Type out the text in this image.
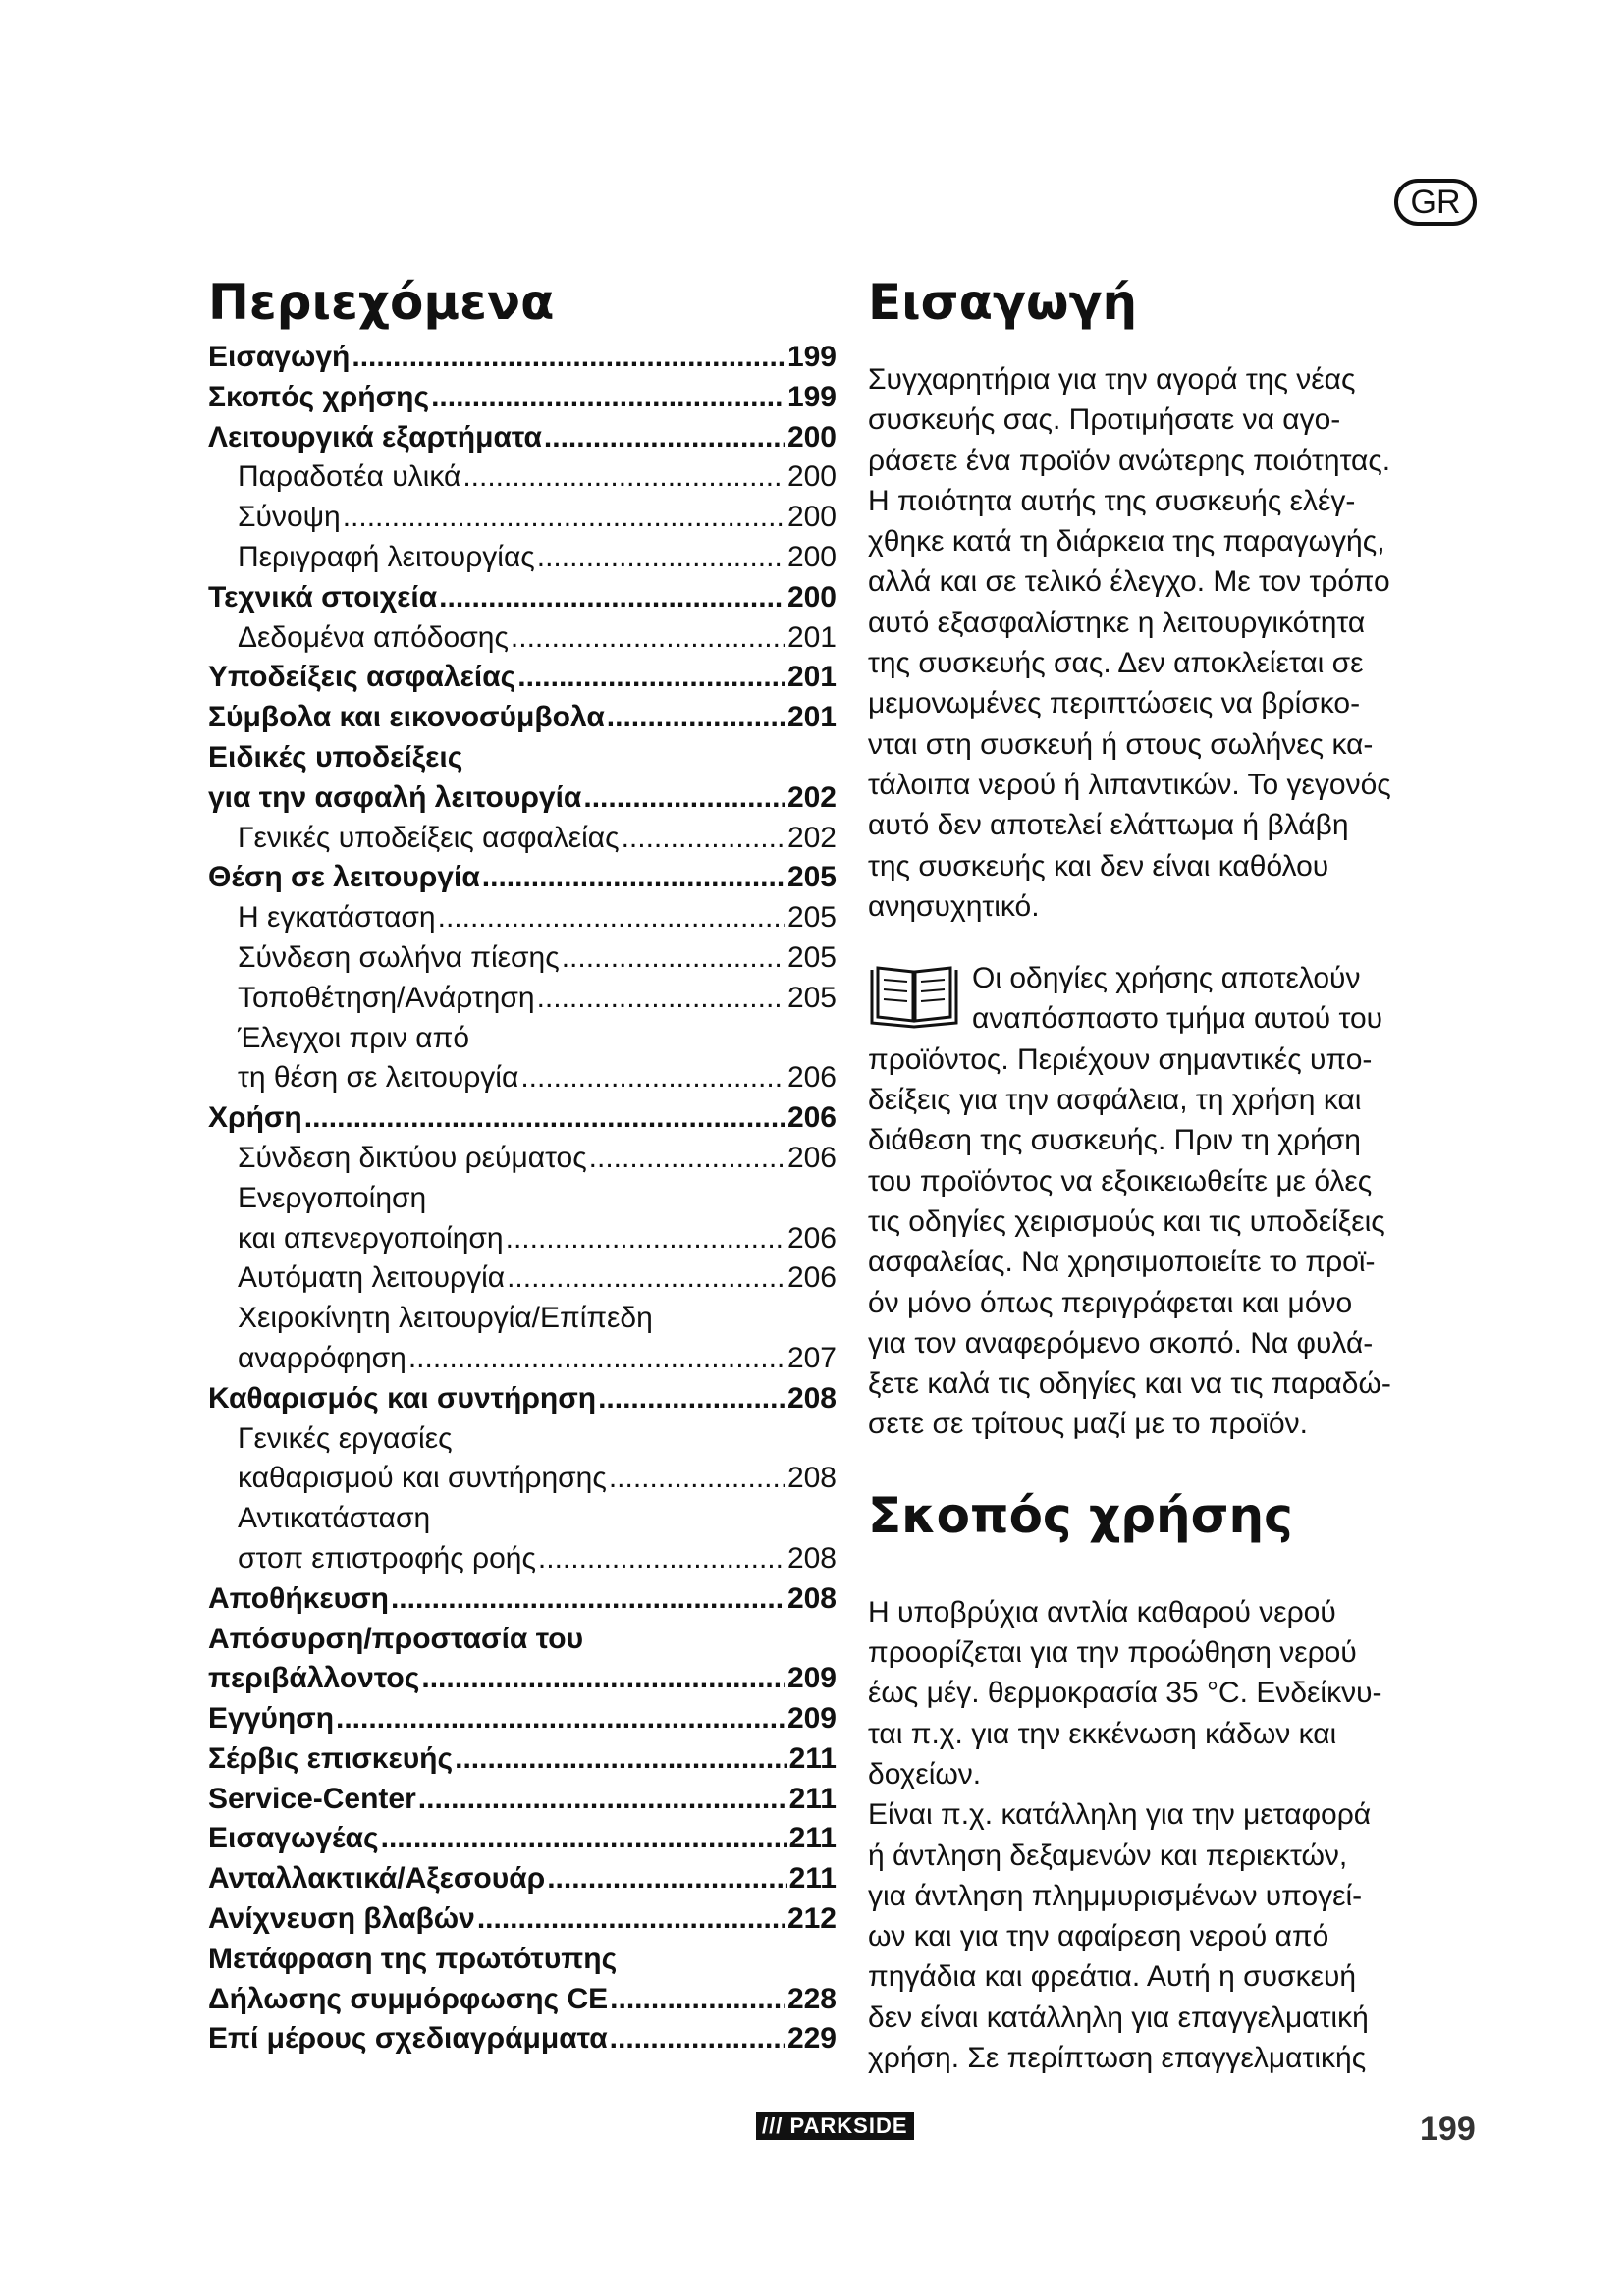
GR
Περιεχόμενα
Εισαγωγή .....	199
Σκοπός χρήσης .....	199
Λειτουργικά εξαρτήματα .....	200
Παραδοτέα υλικά .....	200
Σύνοψη .....	200
Περιγραφή λειτουργίας .....	200
Τεχνικά στοιχεία .....	200
Δεδομένα απόδοσης .....	201
Υποδείξεις ασφαλείας .....	201
Σύμβολα και εικονοσύμβολα .....	201
Ειδικές υποδείξεις
για την ασφαλή λειτουργία .....	202
Γενικές υποδείξεις ασφαλείας .....	202
Θέση σε λειτουργία .....	205
Η εγκατάσταση .....	205
Σύνδεση σωλήνα πίεσης .....	205
Τοποθέτηση/Ανάρτηση .....	205
Έλεγχοι πριν από
τη θέση σε λειτουργία .....	206
Χρήση .....	206
Σύνδεση δικτύου ρεύματος .....	206
Ενεργοποίηση
και απενεργοποίηση .....	206
Αυτόματη λειτουργία .....	206
Χειροκίνητη λειτουργία/Επίπεδη
αναρρόφηση .....	207
Καθαρισμός και συντήρηση .....	208
Γενικές εργασίες
καθαρισμού και συντήρησης .....	208
Αντικατάσταση
στοπ επιστροφής ροής .....	208
Αποθήκευση .....	208
Απόσυρση/προστασία του
περιβάλλοντος .....	209
Εγγύηση .....	209
Σέρβις επισκευής .....	211
Service-Center .....	211
Εισαγωγέας .....	211
Ανταλλακτικά/Αξεσουάρ .....	211
Ανίχνευση βλαβών .....	212
Μετάφραση της πρωτότυπης
Δήλωσης συμμόρφωσης CE .....	228
Επί μέρους σχεδιαγράμματα .....	229
Εισαγωγή

Συγχαρητήρια για την αγορά της νέας

συσκευής σας. Προτιμήσατε να αγο-

ράσετε ένα προϊόν ανώτερης ποιότητας.

Η ποιότητα αυτής της συσκευής ελέγ-

χθηκε κατά τη διάρκεια της παραγωγής,

αλλά και σε τελικό έλεγχο. Με τον τρόπο

αυτό εξασφαλίστηκε η λειτουργικότητα

της συσκευής σας. Δεν αποκλείεται σε

μεμονωμένες περιπτώσεις να βρίσκο-

νται στη συσκευή ή στους σωλήνες κα-

τάλοιπα νερού ή λιπαντικών. Το γεγονός

αυτό δεν αποτελεί ελάττωμα ή βλάβη

της συσκευής και δεν είναι καθόλου

ανησυχητικό.

Οι οδηγίες χρήσης αποτελούν

αναπόσπαστο τμήμα αυτού του

προϊόντος. Περιέχουν σημαντικές υπο-

δείξεις για την ασφάλεια, τη χρήση και

διάθεση της συσκευής. Πριν τη χρήση

του προϊόντος να εξοικειωθείτε με όλες

τις οδηγίες χειρισμούς και τις υποδείξεις

ασφαλείας. Να χρησιμοποιείτε το προϊ-

όν μόνο όπως περιγράφεται και μόνο

για τον αναφερόμενο σκοπό. Να φυλά-

ξετε καλά τις οδηγίες και να τις παραδώ-

σετε σε τρίτους μαζί με το προϊόν.

Σκοπός χρήσης

Η υποβρύχια αντλία καθαρού νερού

προορίζεται για την προώθηση νερού

έως μέγ. θερμοκρασία 35 °C. Ενδείκνυ-

ται π.χ. για την εκκένωση κάδων και

δοχείων.

Είναι π.χ. κατάλληλη για την μεταφορά

ή άντληση δεξαμενών και περιεκτών,

για άντληση πλημμυρισμένων υπογεί-

ων και για την αφαίρεση νερού από

πηγάδια και φρεάτια. Αυτή η συσκευή

δεν είναι κατάλληλη για επαγγελματική

χρήση. Σε περίπτωση επαγγελματικής

/// PARKSIDE	199
